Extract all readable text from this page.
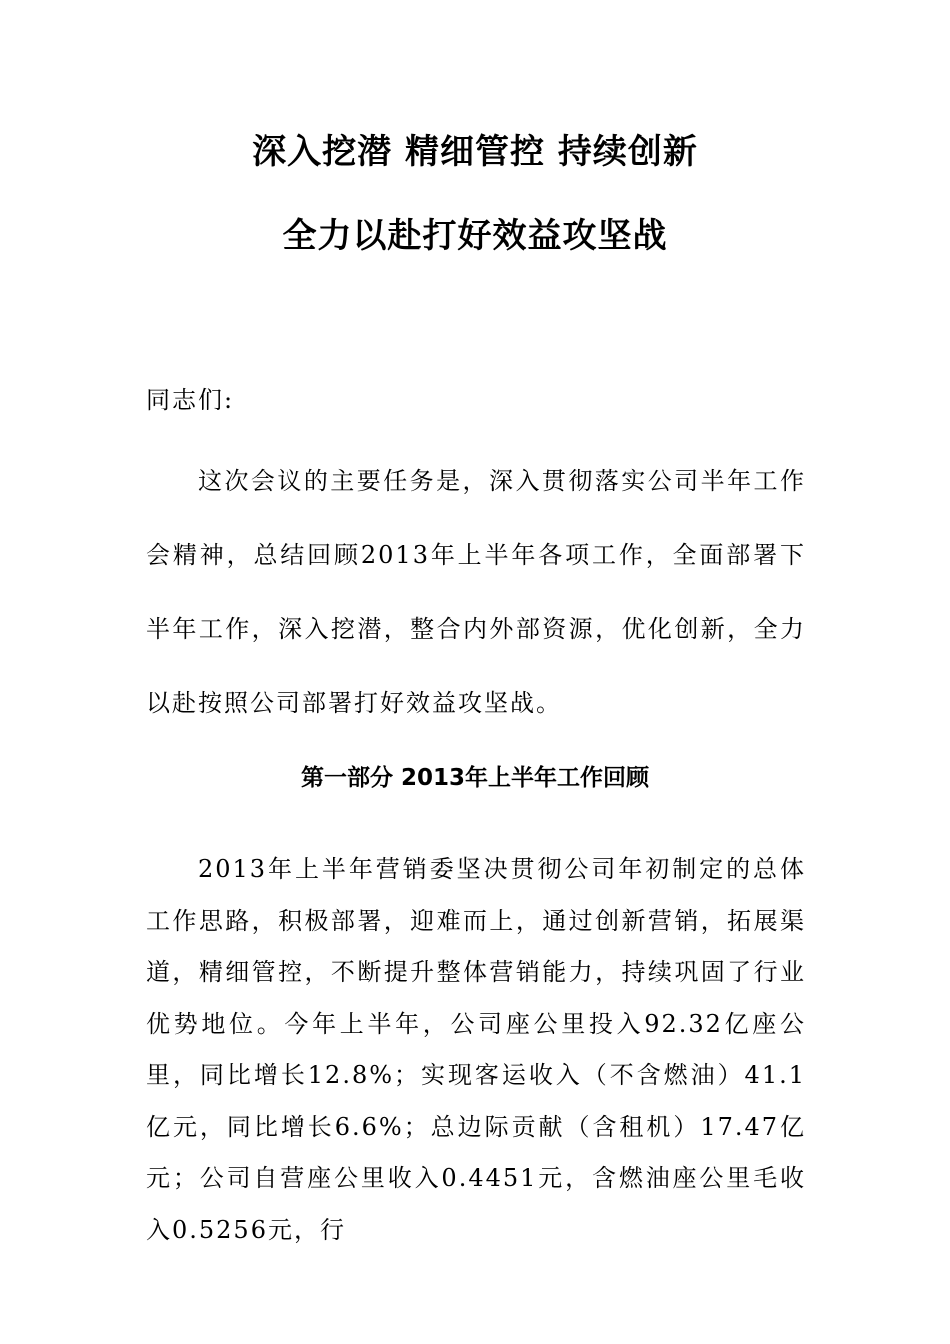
深入挖潜 精细管控 持续创新
全力以赴打好效益攻坚战

同志们:

这次会议的主要任务是，深入贯彻落实公司半年工作会精神，总结回顾2013年上半年各项工作，全面部署下半年工作，深入挖潜，整合内外部资源，优化创新，全力以赴按照公司部署打好效益攻坚战。

第一部分 2013年上半年工作回顾

2013年上半年营销委坚决贯彻公司年初制定的总体工作思路，积极部署，迎难而上，通过创新营销，拓展渠道，精细管控，不断提升整体营销能力，持续巩固了行业优势地位。今年上半年，公司座公里投入92.32亿座公里，同比增长12.8%；实现客运收入（不含燃油）41.1亿元，同比增长6.6%；总边际贡献（含租机）17.47亿元；公司自营座公里收入0.4451元，含燃油座公里毛收入0.5256元，行
